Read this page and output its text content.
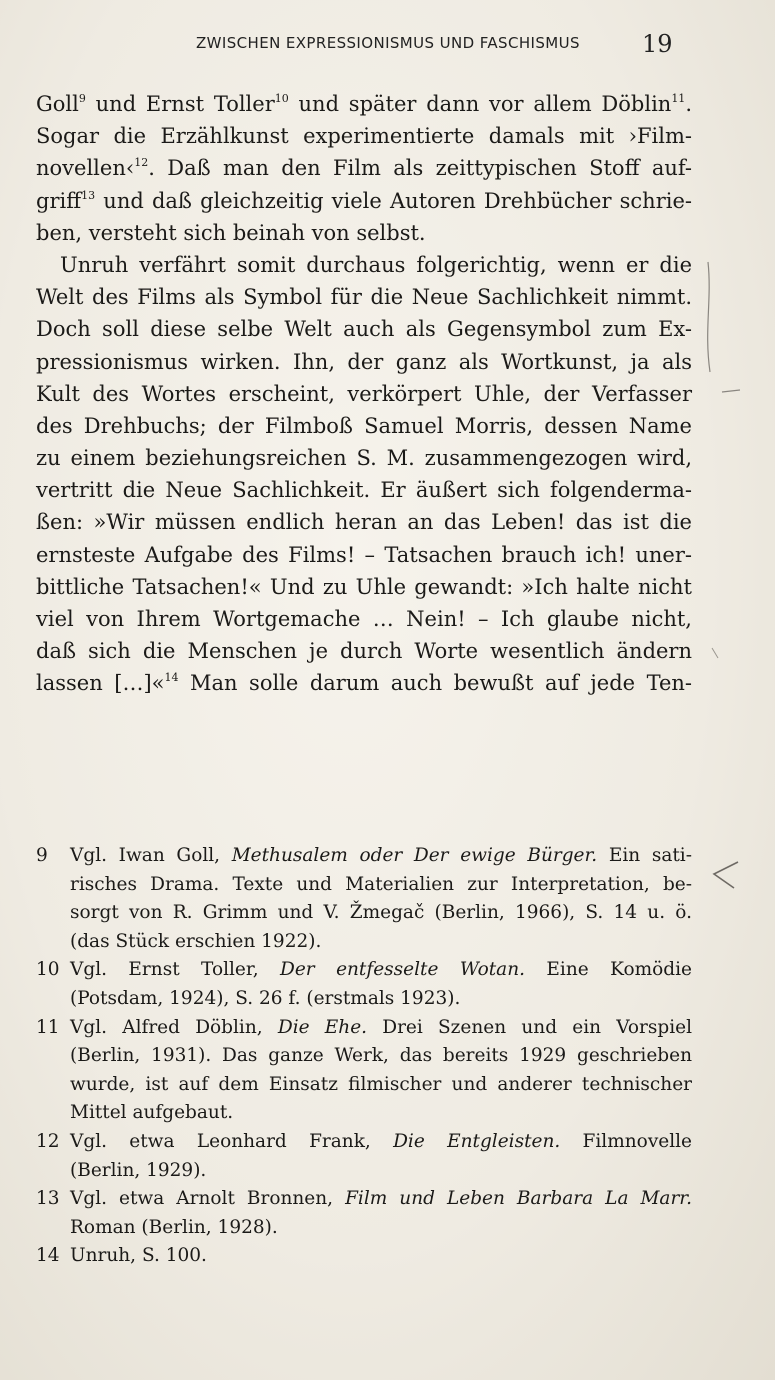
ZWISCHEN EXPRESSIONISMUS UND FASCHISMUS	19
Goll$^9$ und Ernst Toller$^{10}$ und später dann vor allem Döblin$^{11}$.
Sogar die Erzählkunst experimentierte damals mit ›Film-
novellen‹$^{12}$. Daß man den Film als zeittypischen Stoff auf-
griff$^{13}$ und daß gleichzeitig viele Autoren Drehbücher schrie-
ben, versteht sich beinah von selbst.
Unruh verfährt somit durchaus folgerichtig, wenn er die
Welt des Films als Symbol für die Neue Sachlichkeit nimmt.
Doch soll diese selbe Welt auch als Gegensymbol zum Ex-
pressionismus wirken. Ihn, der ganz als Wortkunst, ja als
Kult des Wortes erscheint, verkörpert Uhle, der Verfasser
des Drehbuchs; der Filmboß Samuel Morris, dessen Name
zu einem beziehungsreichen S. M. zusammengezogen wird,
vertritt die Neue Sachlichkeit. Er äußert sich folgenderma-
ßen: »Wir müssen endlich heran an das Leben! das ist die
ernsteste Aufgabe des Films! – Tatsachen brauch ich! uner-
bittliche Tatsachen!« Und zu Uhle gewandt: »Ich halte nicht
viel von Ihrem Wortgemache … Nein! – Ich glaube nicht,
daß sich die Menschen je durch Worte wesentlich ändern
lassen […]«$^{14}$ Man solle darum auch bewußt auf jede Ten-
9	Vgl. Iwan Goll, Methusalem oder Der ewige Bürger. Ein sati-
risches Drama. Texte und Materialien zur Interpretation, be-
sorgt von R. Grimm und V. Žmegač (Berlin, 1966), S. 14 u. ö.
(das Stück erschien 1922).
10 Vgl. Ernst Toller, Der entfesselte Wotan. Eine Komödie
(Potsdam, 1924), S. 26 f. (erstmals 1923).
11 Vgl. Alfred Döblin, Die Ehe. Drei Szenen und ein Vorspiel
(Berlin, 1931). Das ganze Werk, das bereits 1929 geschrieben
wurde, ist auf dem Einsatz filmischer und anderer technischer
Mittel aufgebaut.
12 Vgl. etwa Leonhard Frank, Die Entgleisten. Filmnovelle
(Berlin, 1929).
13 Vgl. etwa Arnolt Bronnen, Film und Leben Barbara La Marr.
Roman (Berlin, 1928).
14 Unruh, S. 100.
